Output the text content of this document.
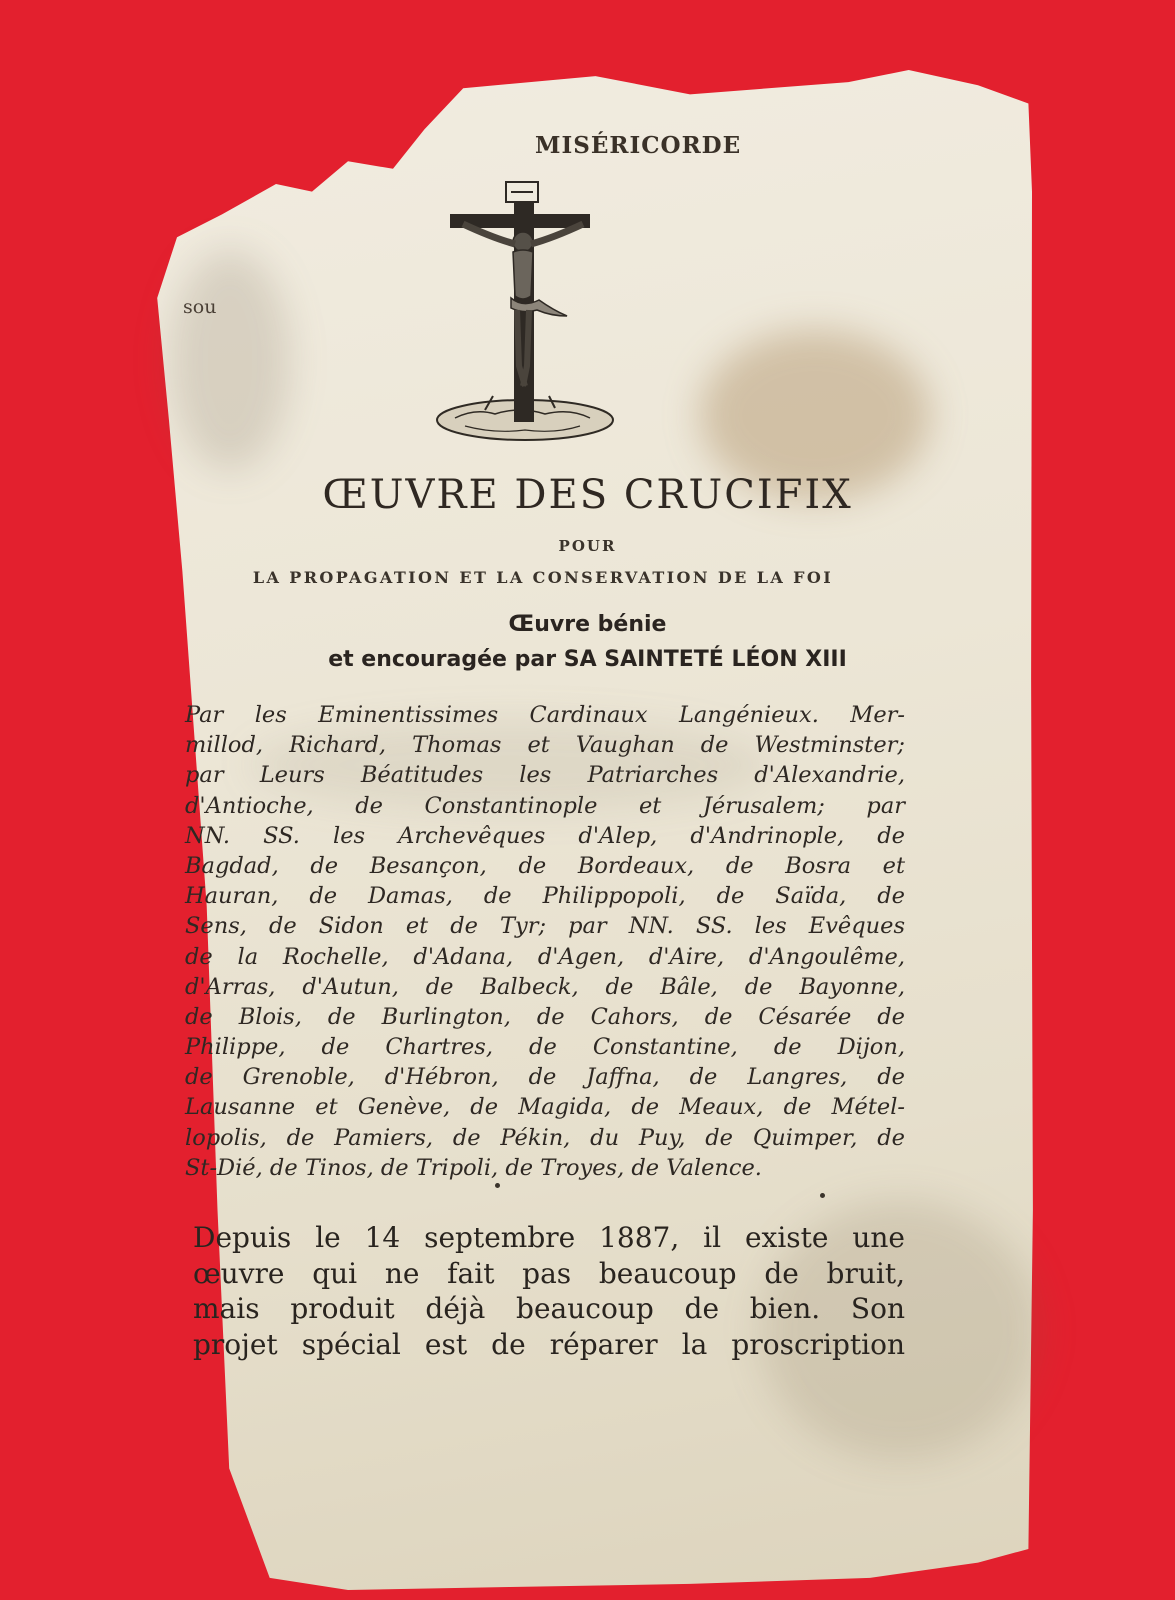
MISÉRICORDE
sou
ŒUVRE DES CRUCIFIX
POUR
LA PROPAGATION ET LA CONSERVATION DE LA FOI
Œuvre bénie
et encouragée par SA SAINTETÉ LÉON XIII
Par les Eminentissimes Cardinaux Langénieux. Mer-
millod, Richard, Thomas et Vaughan de Westminster;
par Leurs Béatitudes les Patriarches d'Alexandrie,
d'Antioche, de Constantinople et Jérusalem; par
NN. SS. les Archevêques d'Alep, d'Andrinople, de
Bagdad, de Besançon, de Bordeaux, de Bosra et
Hauran, de Damas, de Philippopoli, de Saïda, de
Sens, de Sidon et de Tyr; par NN. SS. les Evêques
de la Rochelle, d'Adana, d'Agen, d'Aire, d'Angoulême,
d'Arras, d'Autun, de Balbeck, de Bâle, de Bayonne,
de Blois, de Burlington, de Cahors, de Césarée de
Philippe, de Chartres, de Constantine, de Dijon,
de Grenoble, d'Hébron, de Jaffna, de Langres, de
Lausanne et Genève, de Magida, de Meaux, de Métel-
lopolis, de Pamiers, de Pékin, du Puy, de Quimper, de
St-Dié, de Tinos, de Tripoli, de Troyes, de Valence.
Depuis le 14 septembre 1887, il existe une
œuvre qui ne fait pas beaucoup de bruit,
mais produit déjà beaucoup de bien. Son
projet spécial est de réparer la proscription
